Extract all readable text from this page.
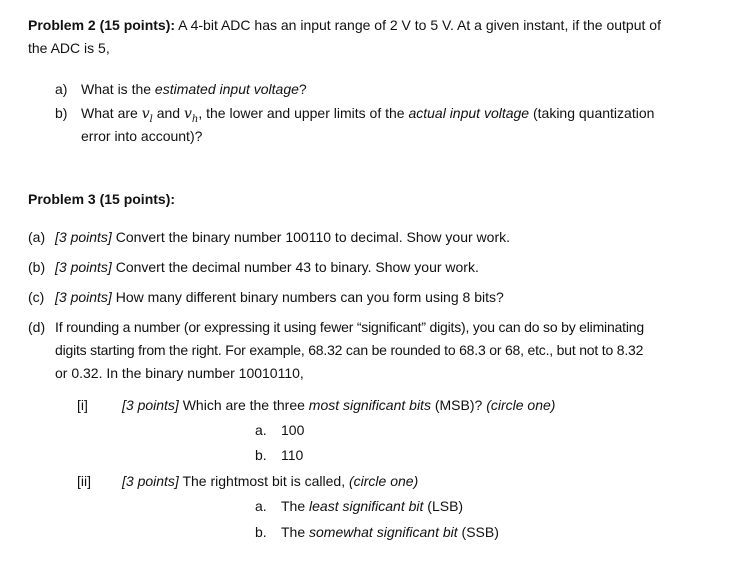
Problem 2 (15 points): A 4-bit ADC has an input range of 2 V to 5 V. At a given instant, if the output of
the ADC is 5,
a) What is the estimated input voltage?
b) What are $v_l$ and $v_h$, the lower and upper limits of the actual input voltage (taking quantization
error into account)?
Problem 3 (15 points):
(a) [3 points] Convert the binary number 100110 to decimal. Show your work.
(b) [3 points] Convert the decimal number 43 to binary. Show your work.
(c) [3 points] How many different binary numbers can you form using 8 bits?
(d) If rounding a number (or expressing it using fewer “significant” digits), you can do so by eliminating
digits starting from the right. For example, 68.32 can be rounded to 68.3 or 68, etc., but not to 8.32
or 0.32. In the binary number 10010110,
[i] [3 points] Which are the three most significant bits (MSB)? (circle one)
a. 100
b. 110
[ii] [3 points] The rightmost bit is called, (circle one)
a. The least significant bit (LSB)
b. The somewhat significant bit (SSB)
